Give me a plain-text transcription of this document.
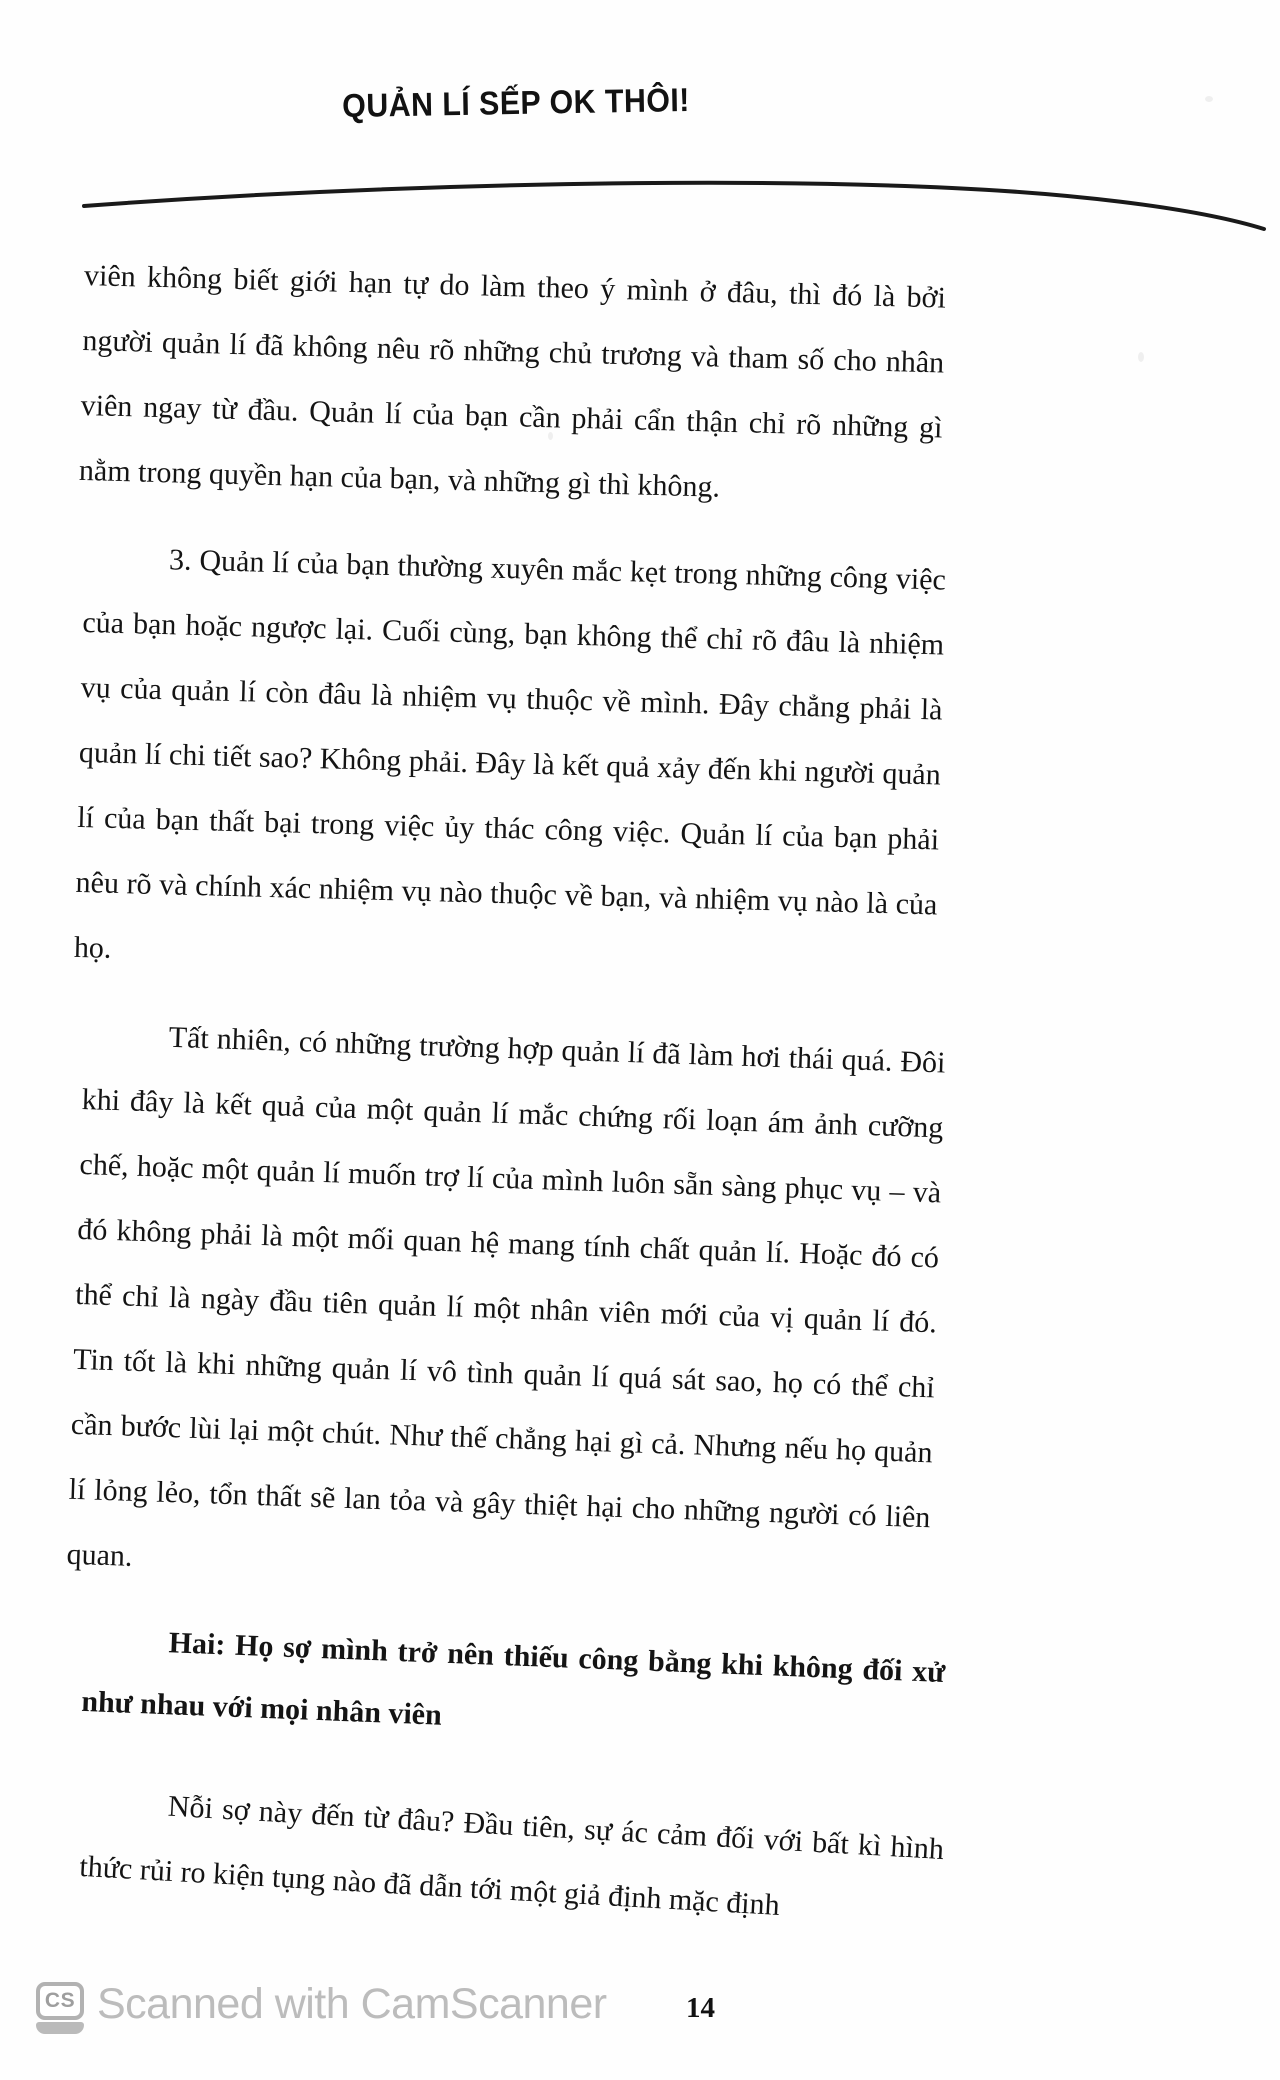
QUẢN LÍ SẾP OK THÔI!

viên không biết giới hạn tự do làm theo ý mình ở đâu, thì đó là bởi người quản lí đã không nêu rõ những chủ trương và tham số cho nhân viên ngay từ đầu. Quản lí của bạn cần phải cẩn thận chỉ rõ những gì nằm trong quyền hạn của bạn, và những gì thì không.

3. Quản lí của bạn thường xuyên mắc kẹt trong những công việc của bạn hoặc ngược lại. Cuối cùng, bạn không thể chỉ rõ đâu là nhiệm vụ của quản lí còn đâu là nhiệm vụ thuộc về mình. Đây chẳng phải là quản lí chi tiết sao? Không phải. Đây là kết quả xảy đến khi người quản lí của bạn thất bại trong việc ủy thác công việc. Quản lí của bạn phải nêu rõ và chính xác nhiệm vụ nào thuộc về bạn, và nhiệm vụ nào là của họ.

Tất nhiên, có những trường hợp quản lí đã làm hơi thái quá. Đôi khi đây là kết quả của một quản lí mắc chứng rối loạn ám ảnh cưỡng chế, hoặc một quản lí muốn trợ lí của mình luôn sẵn sàng phục vụ – và đó không phải là một mối quan hệ mang tính chất quản lí. Hoặc đó có thể chỉ là ngày đầu tiên quản lí một nhân viên mới của vị quản lí đó. Tin tốt là khi những quản lí vô tình quản lí quá sát sao, họ có thể chỉ cần bước lùi lại một chút. Như thế chẳng hại gì cả. Nhưng nếu họ quản lí lỏng lẻo, tổn thất sẽ lan tỏa và gây thiệt hại cho những người có liên quan.

Hai: Họ sợ mình trở nên thiếu công bằng khi không đối xử như nhau với mọi nhân viên

Nỗi sợ này đến từ đâu? Đầu tiên, sự ác cảm đối với bất kì hình thức rủi ro kiện tụng nào đã dẫn tới một giả định mặc định

CS Scanned with CamScanner	14
